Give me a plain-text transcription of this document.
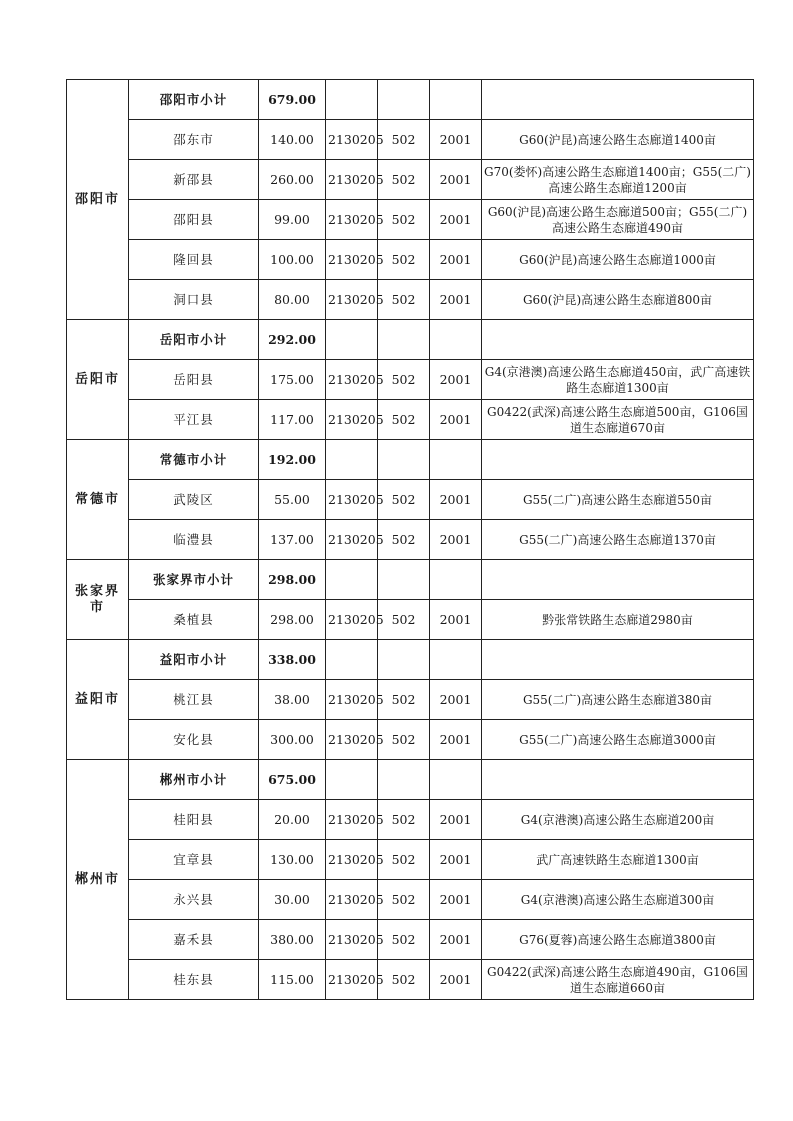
邵阳市	邵阳市小计	679.00				
	邵东市	140.00	2130205	502	2001	G60(沪昆)高速公路生态廊道1400亩
	新邵县	260.00	2130205	502	2001	G70(娄怀)高速公路生态廊道1400亩；G55(二广)高速公路生态廊道1200亩
	邵阳县	99.00	2130205	502	2001	G60(沪昆)高速公路生态廊道500亩；G55(二广)高速公路生态廊道490亩
	隆回县	100.00	2130205	502	2001	G60(沪昆)高速公路生态廊道1000亩
	洞口县	80.00	2130205	502	2001	G60(沪昆)高速公路生态廊道800亩
岳阳市	岳阳市小计	292.00				
	岳阳县	175.00	2130205	502	2001	G4(京港澳)高速公路生态廊道450亩，武广高速铁路生态廊道1300亩
	平江县	117.00	2130205	502	2001	G0422(武深)高速公路生态廊道500亩，G106国道生态廊道670亩
常德市	常德市小计	192.00				
	武陵区	55.00	2130205	502	2001	G55(二广)高速公路生态廊道550亩
	临澧县	137.00	2130205	502	2001	G55(二广)高速公路生态廊道1370亩
张家界市	张家界市小计	298.00				
	桑植县	298.00	2130205	502	2001	黔张常铁路生态廊道2980亩
益阳市	益阳市小计	338.00				
	桃江县	38.00	2130205	502	2001	G55(二广)高速公路生态廊道380亩
	安化县	300.00	2130205	502	2001	G55(二广)高速公路生态廊道3000亩
郴州市	郴州市小计	675.00				
	桂阳县	20.00	2130205	502	2001	G4(京港澳)高速公路生态廊道200亩
	宜章县	130.00	2130205	502	2001	武广高速铁路生态廊道1300亩
	永兴县	30.00	2130205	502	2001	G4(京港澳)高速公路生态廊道300亩
	嘉禾县	380.00	2130205	502	2001	G76(夏蓉)高速公路生态廊道3800亩
	桂东县	115.00	2130205	502	2001	G0422(武深)高速公路生态廊道490亩，G106国道生态廊道660亩
